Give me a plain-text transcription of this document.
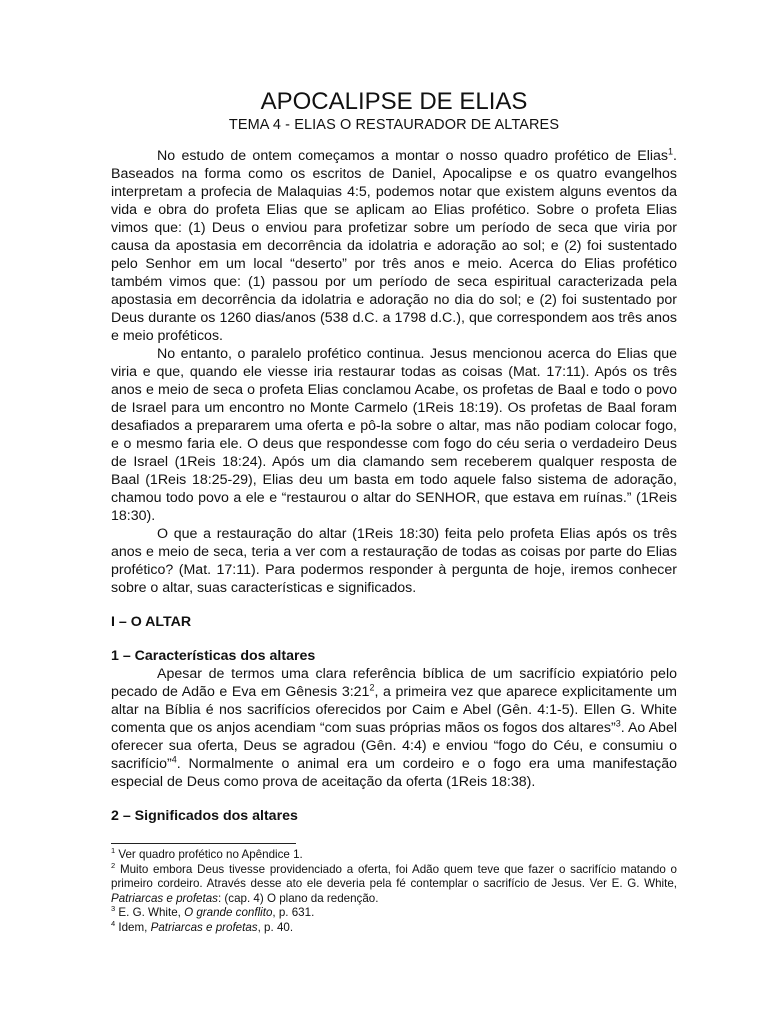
APOCALIPSE DE ELIAS
TEMA 4 - ELIAS O RESTAURADOR DE ALTARES

No estudo de ontem começamos a montar o nosso quadro profético de Elias$^1$. Baseados na forma como os escritos de Daniel, Apocalipse e os quatro evangelhos interpretam a profecia de Malaquias 4:5, podemos notar que existem alguns eventos da vida e obra do profeta Elias que se aplicam ao Elias profético. Sobre o profeta Elias vimos que: (1) Deus o enviou para profetizar sobre um período de seca que viria por causa da apostasia em decorrência da idolatria e adoração ao sol; e (2) foi sustentado pelo Senhor em um local “deserto” por três anos e meio. Acerca do Elias profético também vimos que: (1) passou por um período de seca espiritual caracterizada pela apostasia em decorrência da idolatria e adoração no dia do sol; e (2) foi sustentado por Deus durante os 1260 dias/anos (538 d.C. a 1798 d.C.), que correspondem aos três anos e meio proféticos.

No entanto, o paralelo profético continua. Jesus mencionou acerca do Elias que viria e que, quando ele viesse iria restaurar todas as coisas (Mat. 17:11). Após os três anos e meio de seca o profeta Elias conclamou Acabe, os profetas de Baal e todo o povo de Israel para um encontro no Monte Carmelo (1Reis 18:19). Os profetas de Baal foram desafiados a prepararem uma oferta e pô-la sobre o altar, mas não podiam colocar fogo, e o mesmo faria ele. O deus que respondesse com fogo do céu seria o verdadeiro Deus de Israel (1Reis 18:24). Após um dia clamando sem receberem qualquer resposta de Baal (1Reis 18:25-29), Elias deu um basta em todo aquele falso sistema de adoração, chamou todo povo a ele e “restaurou o altar do SENHOR, que estava em ruínas.” (1Reis 18:30).

O que a restauração do altar (1Reis 18:30) feita pelo profeta Elias após os três anos e meio de seca, teria a ver com a restauração de todas as coisas por parte do Elias profético? (Mat. 17:11). Para podermos responder à pergunta de hoje, iremos conhecer sobre o altar, suas características e significados.

I – O ALTAR

1 – Características dos altares

Apesar de termos uma clara referência bíblica de um sacrifício expiatório pelo pecado de Adão e Eva em Gênesis $3:21^2$, a primeira vez que aparece explicitamente um altar na Bíblia é nos sacrifícios oferecidos por Caim e Abel (Gên. 4:1-5). Ellen G. White comenta que os anjos acendiam “com suas próprias mãos os fogos dos altares”$^3$. Ao Abel oferecer sua oferta, Deus se agradou (Gên. 4:4) e enviou “fogo do Céu, e consumiu o sacrifício”$^4$. Normalmente o animal era um cordeiro e o fogo era uma manifestação especial de Deus como prova de aceitação da oferta (1Reis 18:38).

2 – Significados dos altares

$^1$ Ver quadro profético no Apêndice 1.

$^2$ Muito embora Deus tivesse providenciado a oferta, foi Adão quem teve que fazer o sacrifício matando o primeiro cordeiro. Através desse ato ele deveria pela fé contemplar o sacrifício de Jesus. Ver E. G. White, Patriarcas e profetas: (cap. 4) O plano da redenção.

$^3$ E. G. White, O grande conflito, p. 631.

$^4$ Idem, Patriarcas e profetas, p. 40.
